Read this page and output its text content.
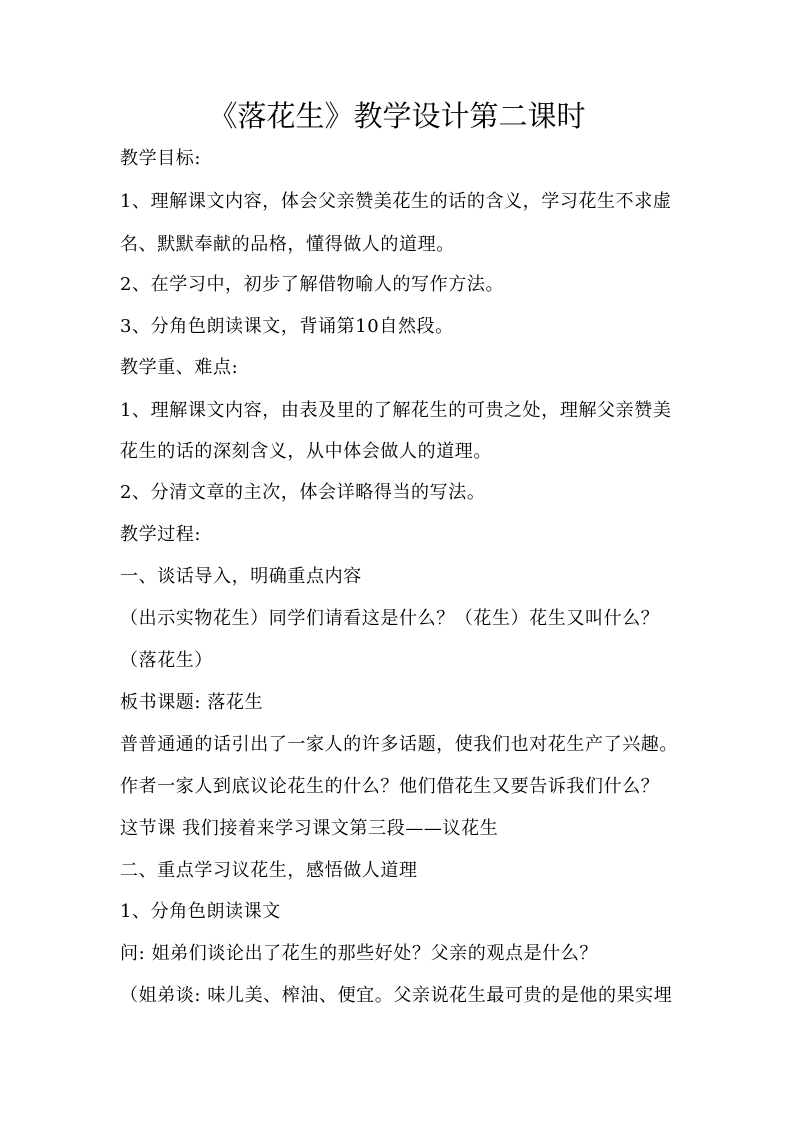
《落花生》教学设计第二课时
教学目标:
1、理解课文内容，体会父亲赞美花生的话的含义，学习花生不求虚
名、默默奉献的品格，懂得做人的道理。
2、在学习中，初步了解借物喻人的写作方法。
3、分角色朗读课文，背诵第10自然段。
教学重、难点:
1、理解课文内容，由表及里的了解花生的可贵之处，理解父亲赞美
花生的话的深刻含义，从中体会做人的道理。
2、分清文章的主次，体会详略得当的写法。
教学过程:
一、谈话导入，明确重点内容
（出示实物花生）同学们请看这是什么？（花生）花生又叫什么？
（落花生）
板书课题: 落花生
普普通通的话引出了一家人的许多话题，使我们也对花生产了兴趣。
作者一家人到底议论花生的什么？他们借花生又要告诉我们什么？
这节课 我们接着来学习课文第三段——议花生
二、重点学习议花生，感悟做人道理
1、分角色朗读课文
问: 姐弟们谈论出了花生的那些好处？父亲的观点是什么？
（姐弟谈: 味儿美、榨油、便宜。父亲说花生最可贵的是他的果实埋
